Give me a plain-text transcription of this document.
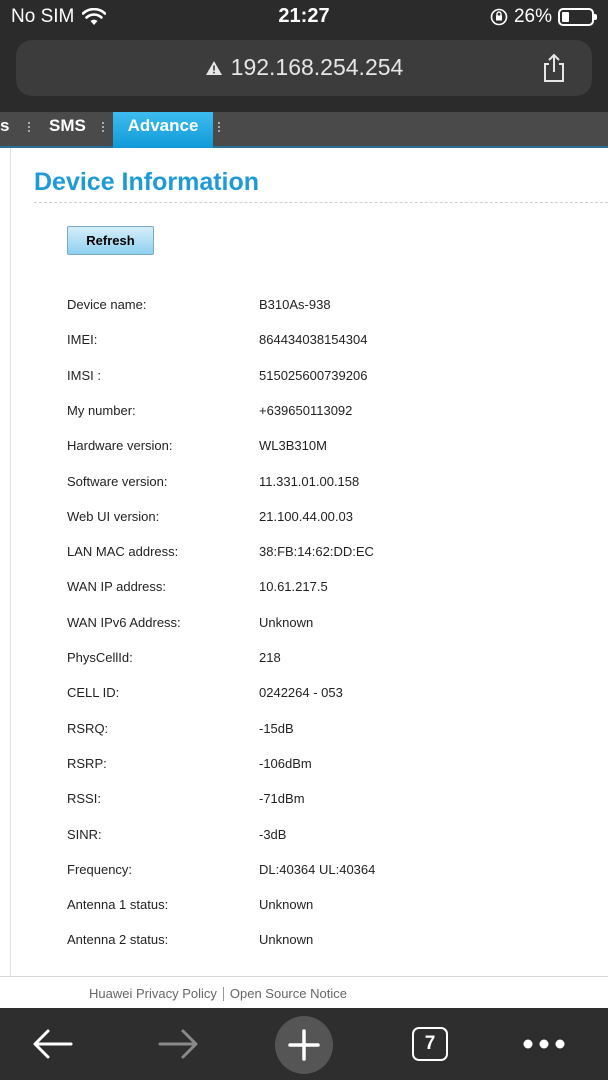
No SIM	21:27	26%
192.168.254.254
s SMS	Advance
Device Information
Refresh
Device name:	B310As-938
IMEI:	864434038154304
IMSI :	515025600739206
My number:	+639650113092
Hardware version:	WL3B310M
Software version:	11.331.01.00.158
Web UI version:	21.100.44.00.03
LAN MAC address:	38:FB:14:62:DD:EC
WAN IP address:	10.61.217.5
WAN IPv6 Address:	Unknown
PhysCellId:	218
CELL ID:	0242264 - 053
RSRQ:	-15dB
RSRP:	-106dBm
RSSI:	-71dBm
SINR:	-3dB
Frequency:	DL:40364 UL:40364
Antenna 1 status:	Unknown
Antenna 2 status:	Unknown
Huawei Privacy Policy Open Source Notice
7
